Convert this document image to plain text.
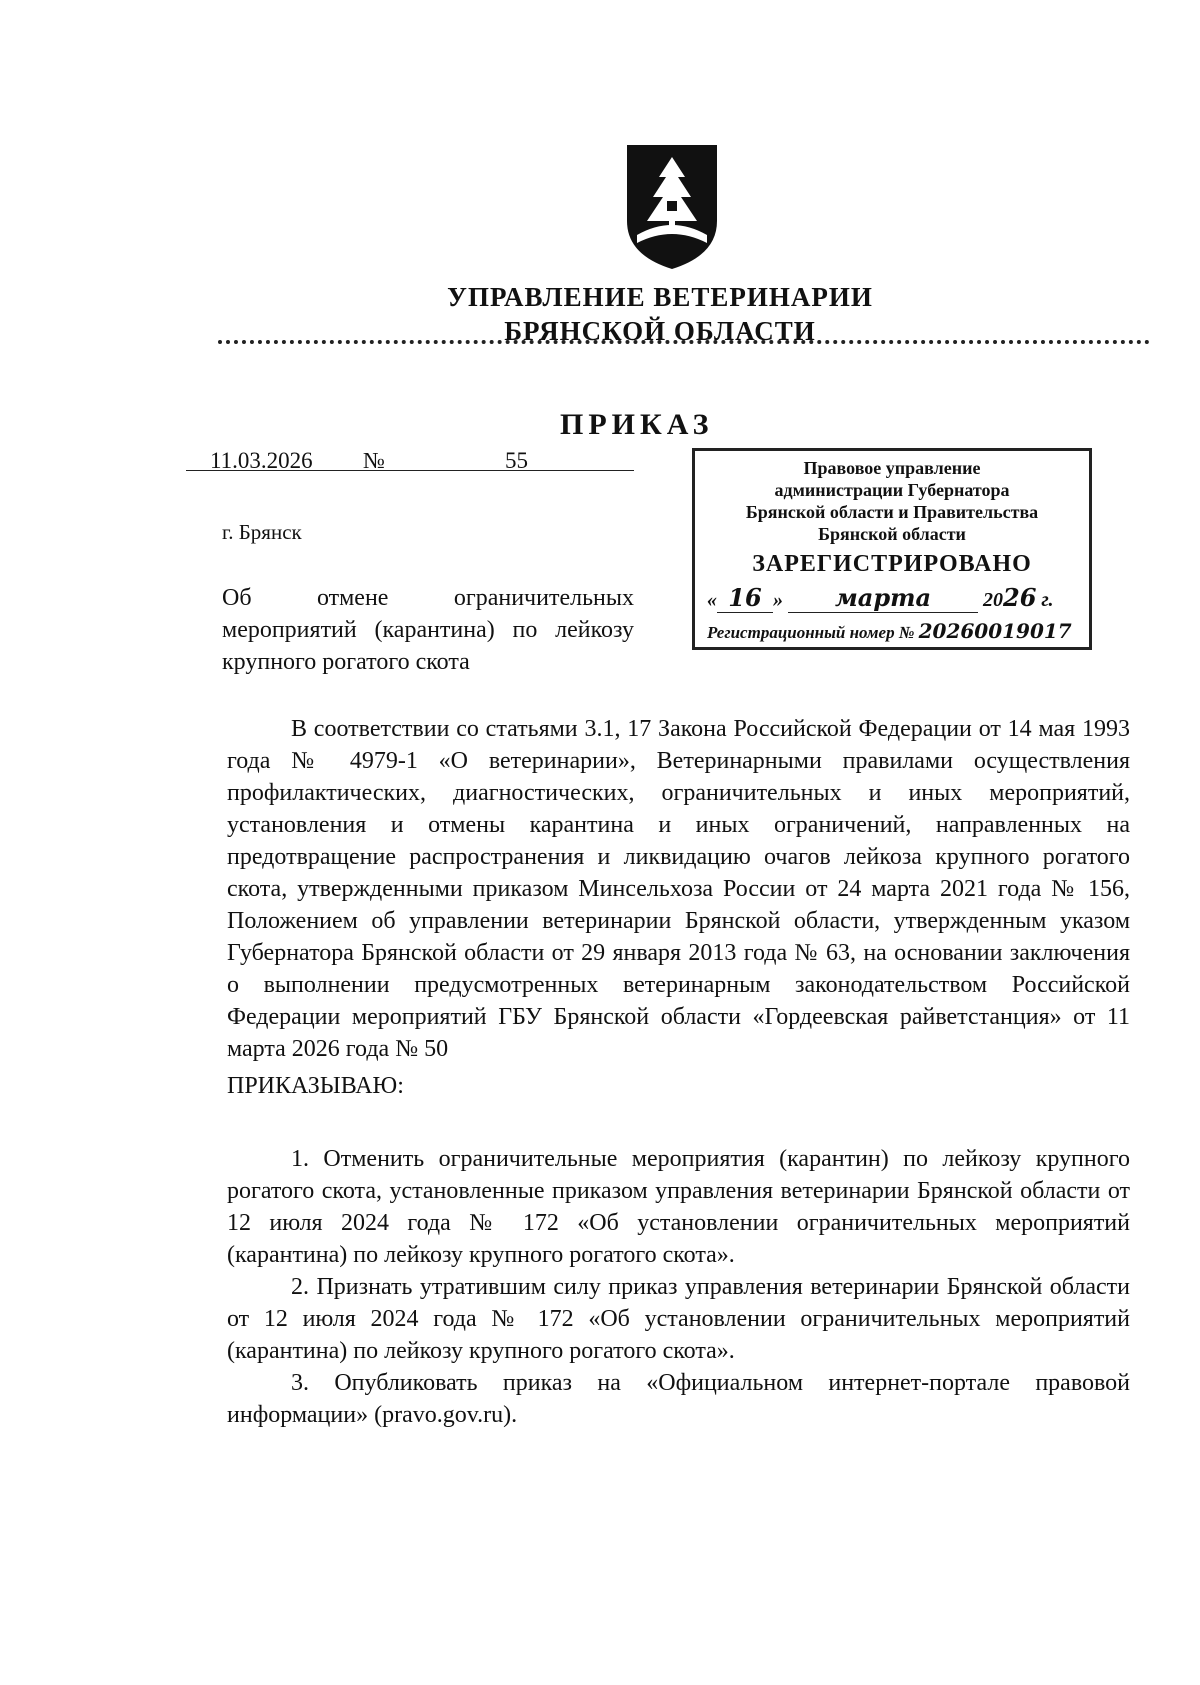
УПРАВЛЕНИЕ ВЕТЕРИНАРИИ
БРЯНСКОЙ ОБЛАСТИ
ПРИКАЗ
11.03.2026 №	55
г. Брянск
Об отмене ограничительных мероприятий (карантина) по лейкозу крупного рогатого скота
Правовое управление
администрации Губернатора
Брянской области и Правительства
Брянской области
ЗАРЕГИСТРИРОВАНО
« 16 » марта	2026 г.
Регистрационный номер № 20260019017
В соответствии со статьями 3.1, 17 Закона Российской Федерации от 14 мая 1993 года № 4979-1 «О ветеринарии», Ветеринарными правилами осуществления профилактических, диагностических, ограничительных и иных мероприятий, установления и отмены карантина и иных ограничений, направленных на предотвращение распространения и ликвидацию очагов лейкоза крупного рогатого скота, утвержденными приказом Минсельхоза России от 24 марта 2021 года № 156, Положением об управлении ветеринарии Брянской области, утвержденным указом Губернатора Брянской области от 29 января 2013 года № 63, на основании заключения о выполнении предусмотренных ветеринарным законодательством Российской Федерации мероприятий ГБУ Брянской области «Гордеевская райветстанция» от 11 марта 2026 года № 50
ПРИКАЗЫВАЮ:
1. Отменить ограничительные мероприятия (карантин) по лейкозу крупного рогатого скота, установленные приказом управления ветеринарии Брянской области от 12 июля 2024 года № 172 «Об установлении ограничительных мероприятий (карантина) по лейкозу крупного рогатого скота».
2. Признать утратившим силу приказ управления ветеринарии Брянской области от 12 июля 2024 года № 172 «Об установлении ограничительных мероприятий (карантина) по лейкозу крупного рогатого скота».
3. Опубликовать приказ на «Официальном интернет-портале правовой информации» (pravo.gov.ru).
